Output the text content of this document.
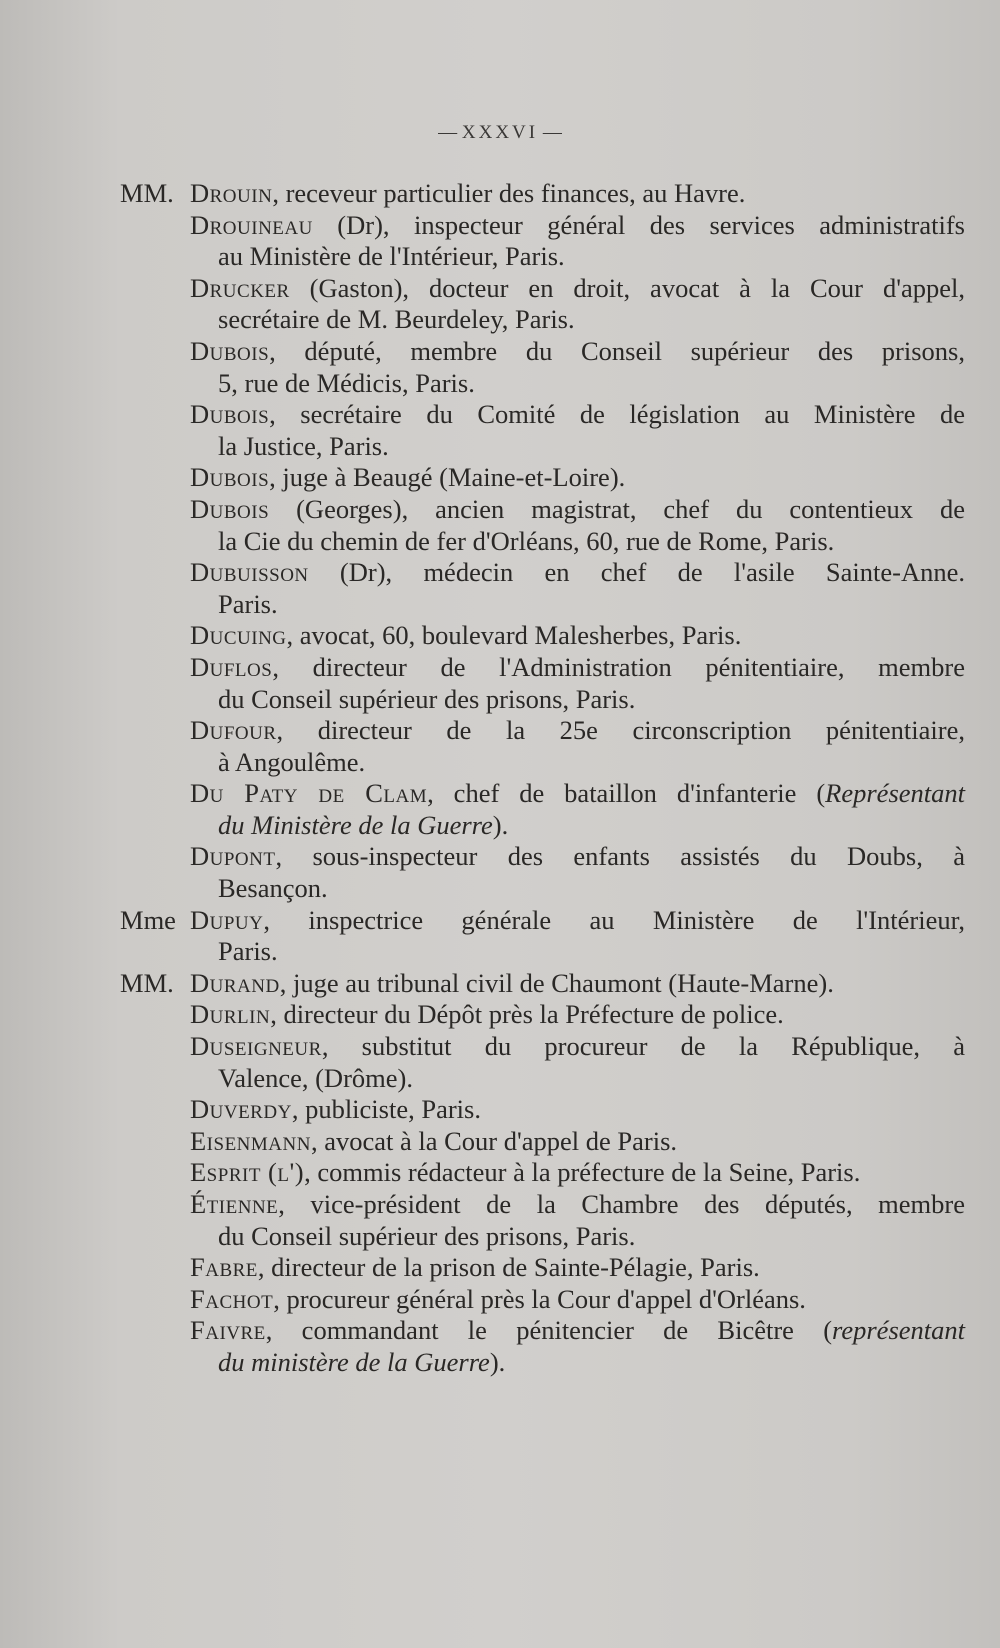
— XXXVI —
MM. Drouin, receveur particulier des finances, au Havre.
Drouineau (Dr), inspecteur général des services administratifs
au Ministère de l'Intérieur, Paris.
Drucker (Gaston), docteur en droit, avocat à la Cour d'appel,
secrétaire de M. Beurdeley, Paris.
Dubois, député, membre du Conseil supérieur des prisons,
5, rue de Médicis, Paris.
Dubois, secrétaire du Comité de législation au Ministère de
la Justice, Paris.
Dubois, juge à Beaugé (Maine-et-Loire).
Dubois (Georges), ancien magistrat, chef du contentieux de
la Cie du chemin de fer d'Orléans, 60, rue de Rome, Paris.
Dubuisson (Dr), médecin en chef de l'asile Sainte-Anne.
Paris.
Ducuing, avocat, 60, boulevard Malesherbes, Paris.
Duflos, directeur de l'Administration pénitentiaire, membre
du Conseil supérieur des prisons, Paris.
Dufour, directeur de la 25e circonscription pénitentiaire,
à Angoulême.
Du Paty de Clam, chef de bataillon d'infanterie (Représentant
du Ministère de la Guerre).
Dupont, sous-inspecteur des enfants assistés du Doubs, à
Besançon.
Mme Dupuy, inspectrice générale au Ministère de l'Intérieur,
Paris.
MM. Durand, juge au tribunal civil de Chaumont (Haute-Marne).
Durlin, directeur du Dépôt près la Préfecture de police.
Duseigneur, substitut du procureur de la République, à
Valence, (Drôme).
Duverdy, publiciste, Paris.
Eisenmann, avocat à la Cour d'appel de Paris.
Esprit (l'), commis rédacteur à la préfecture de la Seine, Paris.
Étienne, vice-président de la Chambre des députés, membre
du Conseil supérieur des prisons, Paris.
Fabre, directeur de la prison de Sainte-Pélagie, Paris.
Fachot, procureur général près la Cour d'appel d'Orléans.
Faivre, commandant le pénitencier de Bicêtre (représentant
du ministère de la Guerre).
